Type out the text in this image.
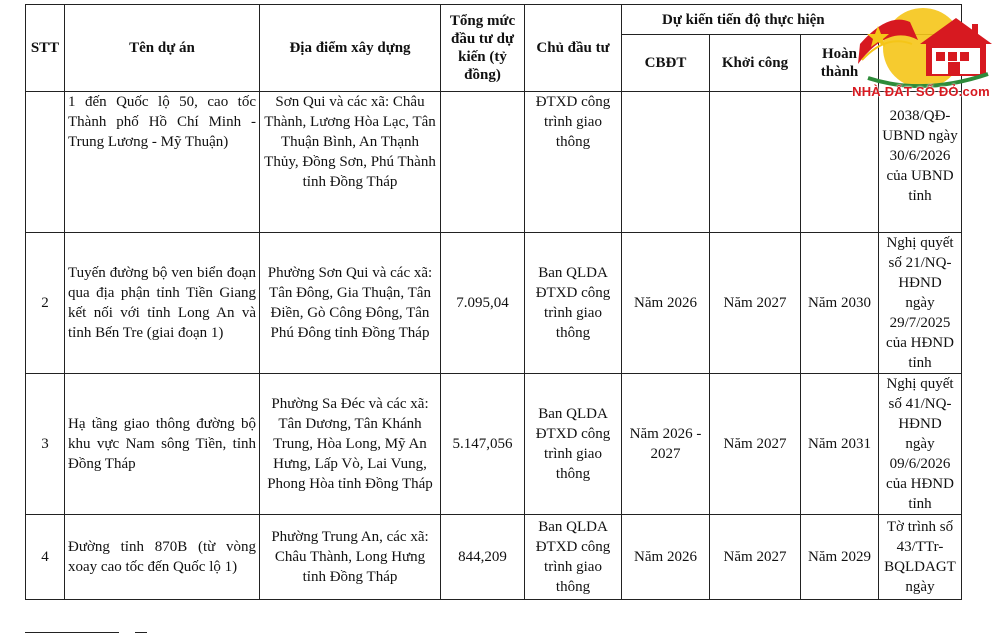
STT	Tên dự án	Địa điểm xây dựng	Tổng mức đầu tư dự kiến (tỷ đồng)	Chủ đầu tư	Dự kiến tiến độ thực hiện			
					CBĐT	Khởi công	Hoàn thành	
	1 đến Quốc lộ 50, cao tốc Thành phố Hồ Chí Minh - Trung Lương - Mỹ Thuận)	Sơn Qui và các xã: Châu Thành, Lương Hòa Lạc, Tân Thuận Bình, An Thạnh Thủy, Đồng Sơn, Phú Thành tỉnh Đồng Tháp		ĐTXD công trình giao thông				2038/QĐ-UBND ngày 30/6/2026 của UBND tỉnh
2	Tuyến đường bộ ven biển đoạn qua địa phận tỉnh Tiền Giang kết nối với tỉnh Long An và tỉnh Bến Tre (giai đoạn 1)	Phường Sơn Qui và các xã: Tân Đông, Gia Thuận, Tân Điền, Gò Công Đông, Tân Phú Đông tỉnh Đồng Tháp	7.095,04	Ban QLDA ĐTXD công trình giao thông	Năm 2026	Năm 2027	Năm 2030	Nghị quyết số 21/NQ-HĐND ngày 29/7/2025 của HĐND tỉnh
3	Hạ tầng giao thông đường bộ khu vực Nam sông Tiền, tỉnh Đồng Tháp	Phường Sa Đéc và các xã: Tân Dương, Tân Khánh Trung, Hòa Long, Mỹ An Hưng, Lấp Vò, Lai Vung, Phong Hòa tỉnh Đồng Tháp	5.147,056	Ban QLDA ĐTXD công trình giao thông	Năm 2026 - 2027	Năm 2027	Năm 2031	Nghị quyết số 41/NQ-HĐND ngày 09/6/2026 của HĐND tỉnh
4	Đường tỉnh 870B (từ vòng xoay cao tốc đến Quốc lộ 1)	Phường Trung An, các xã: Châu Thành, Long Hưng tỉnh Đồng Tháp	844,209	Ban QLDA ĐTXD công trình giao thông	Năm 2026	Năm 2027	Năm 2029	Tờ trình số 43/TTr-BQLDAGT ngày
NHÀ ĐẤT SỐ ĐỎ.com
